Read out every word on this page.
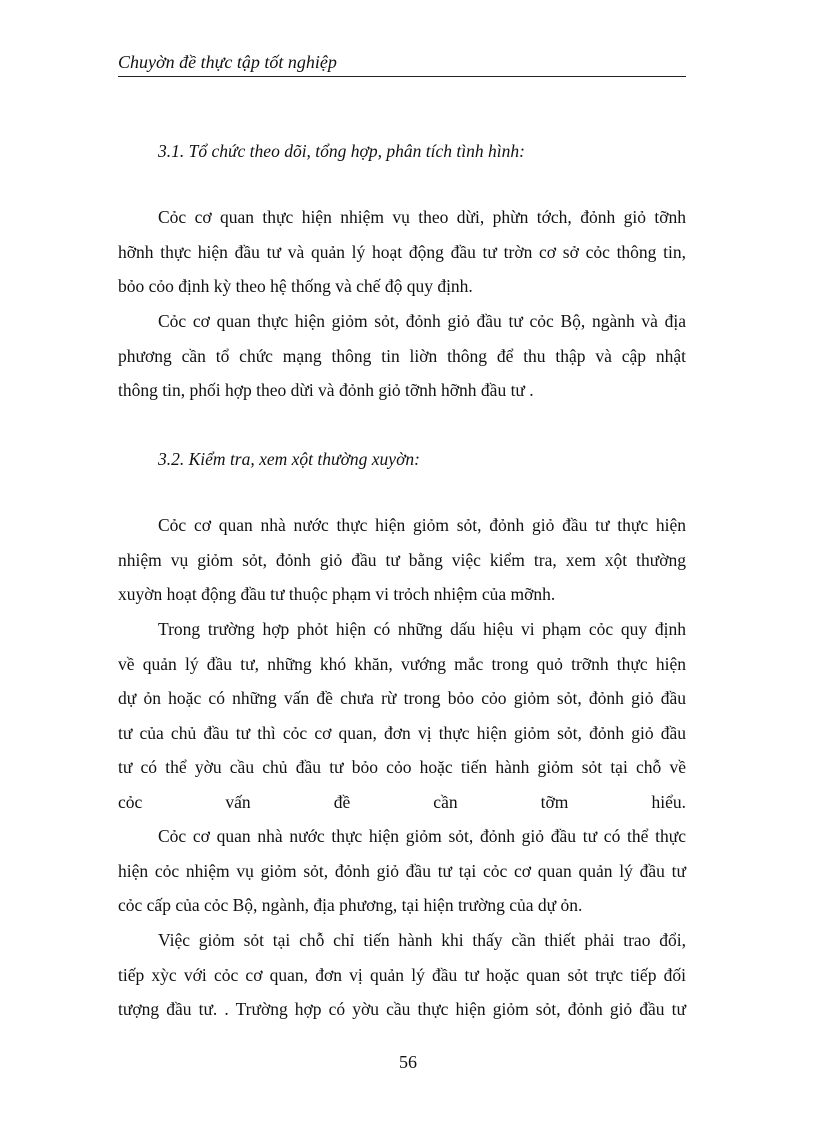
Chuyờn đề thực tập tốt nghiệp
3.1. Tổ chức theo dõi, tổng hợp, phân tích tình hình:
Cỏc cơ quan thực hiện nhiệm vụ theo dừi, phừn tớch, đỏnh giỏ tỡnh
hỡnh thực hiện đầu tư và quản lý hoạt động đầu tư trờn cơ sở cỏc thông tin,
bỏo cỏo định kỳ theo hệ thống và chế độ quy định.
Cỏc cơ quan thực hiện giỏm sỏt, đỏnh giỏ đầu tư cỏc Bộ, ngành và địa
phương cần tổ chức mạng thông tin liờn thông để thu thập và cập nhật
thông tin, phối hợp theo dừi và đỏnh giỏ tỡnh hỡnh đầu tư .
3.2. Kiểm tra, xem xột thường xuyờn:
Cỏc cơ quan nhà nước thực hiện giỏm sỏt, đỏnh giỏ đầu tư thực hiện
nhiệm vụ giỏm sỏt, đỏnh giỏ đầu tư bằng việc kiểm tra, xem xột thường
xuyờn hoạt động đầu tư thuộc phạm vi trỏch nhiệm của mỡnh.
Trong trường hợp phỏt hiện có những dấu hiệu vi phạm cỏc quy định
về quản lý đầu tư, những khó khăn, vướng mắc trong quỏ trỡnh thực hiện
dự ỏn hoặc có những vấn đề chưa rừ trong bỏo cỏo giỏm sỏt, đỏnh giỏ đầu
tư của chủ đầu tư thì cỏc cơ quan, đơn vị thực hiện giỏm sỏt, đỏnh giỏ đầu
tư có thể yờu cầu chủ đầu tư bỏo cỏo hoặc tiến hành giỏm sỏt tại chỗ về
cỏc	vấn	đề	cần	tỡm	hiểu.
Cỏc cơ quan nhà nước thực hiện giỏm sỏt, đỏnh giỏ đầu tư có thể thực
hiện cỏc nhiệm vụ giỏm sỏt, đỏnh giỏ đầu tư tại cỏc cơ quan quản lý đầu tư
cỏc cấp của cỏc Bộ, ngành, địa phương, tại hiện trường của dự ỏn.
Việc giỏm sỏt tại chỗ chỉ tiến hành khi thấy cần thiết phải trao đổi,
tiếp xỳc với cỏc cơ quan, đơn vị quản lý đầu tư hoặc quan sỏt trực tiếp đối
tượng đầu tư. . Trường hợp có yờu cầu thực hiện giỏm sỏt, đỏnh giỏ đầu tư
56
